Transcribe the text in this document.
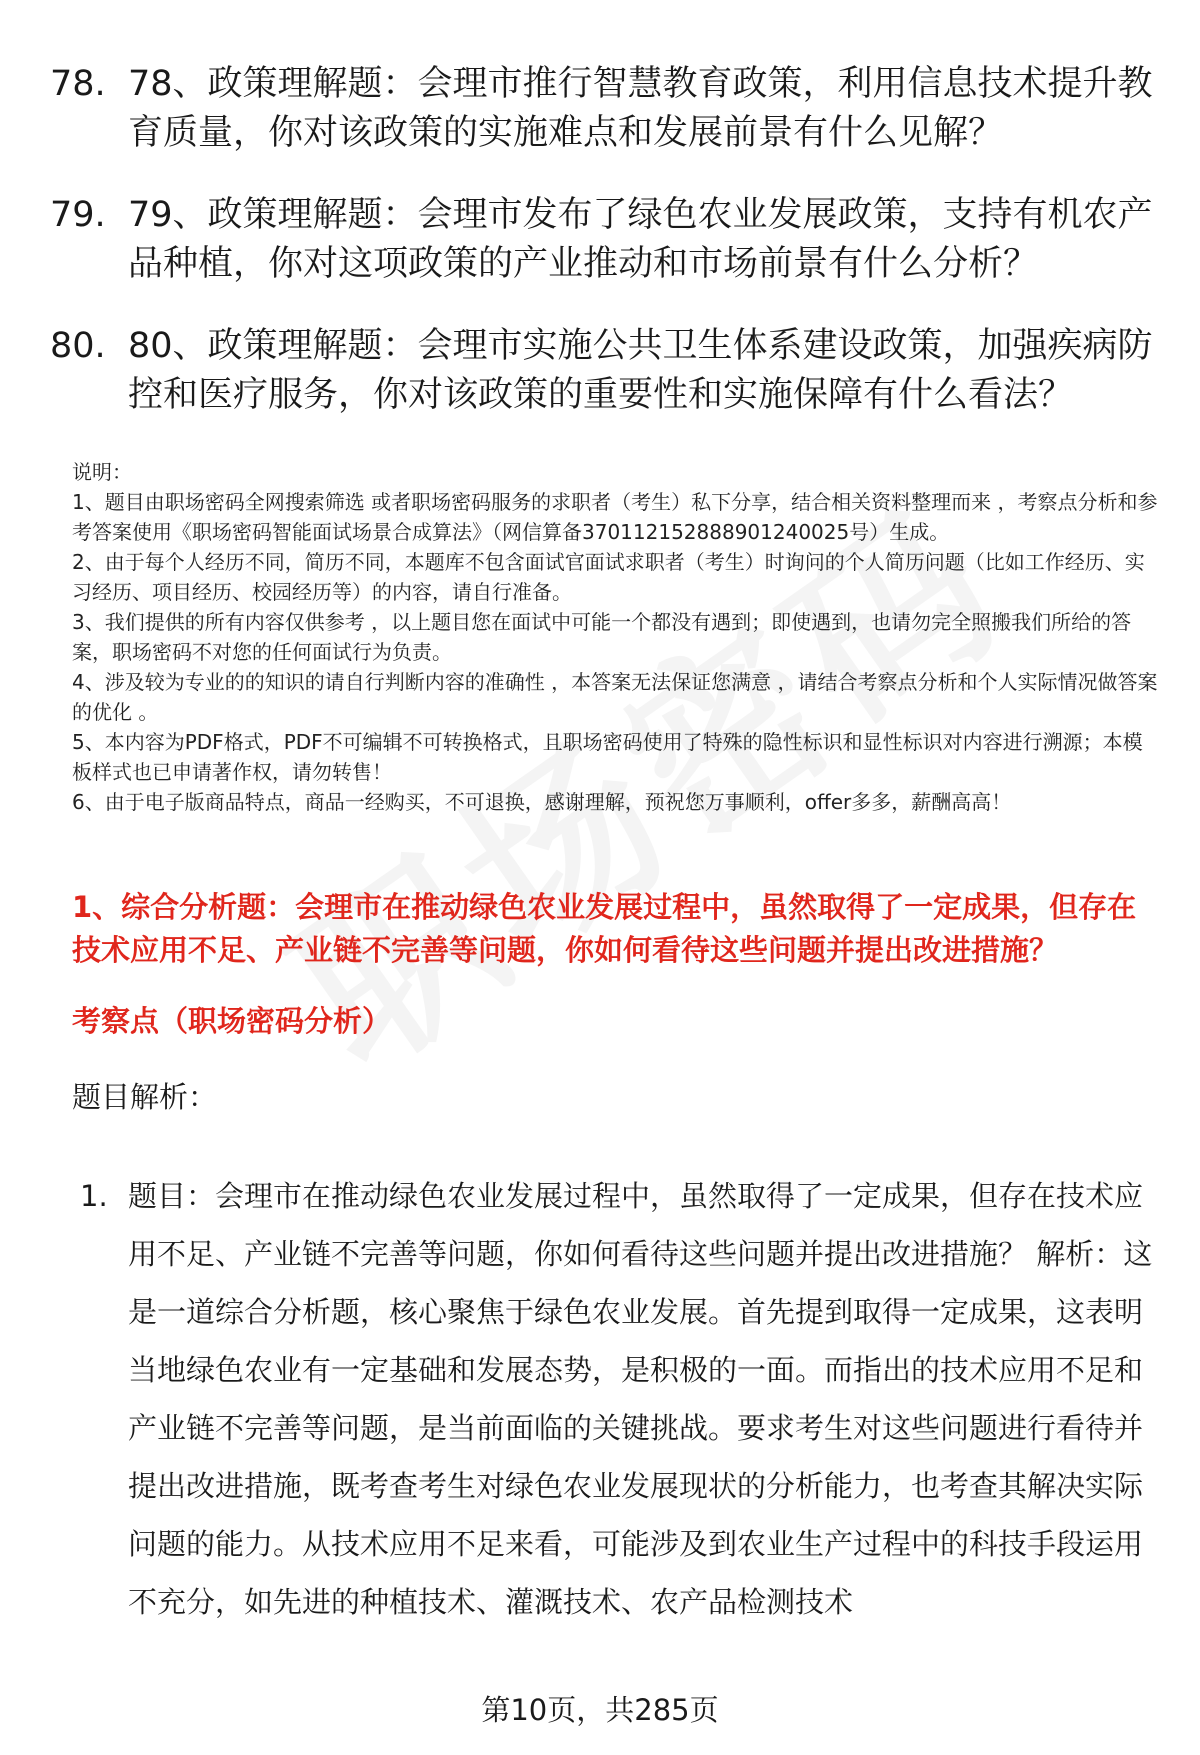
78. 78、政策理解题：会理市推行智慧教育政策，利用信息技术提升教育质量，你对该政策的实施难点和发展前景有什么见解？
79. 79、政策理解题：会理市发布了绿色农业发展政策，支持有机农产品种植，你对这项政策的产业推动和市场前景有什么分析？
80. 80、政策理解题：会理市实施公共卫生体系建设政策，加强疾病防控和医疗服务，你对该政策的重要性和实施保障有什么看法？

说明：

1、题目由职场密码全网搜索筛选 或者职场密码服务的求职者（考生）私下分享，结合相关资料整理而来 ，考察点分析和参考答案使用《职场密码智能面试场景合成算法》（网信算备370112152888901240025号）生成。

2、由于每个人经历不同，简历不同，本题库不包含面试官面试求职者（考生）时询问的个人简历问题（比如工作经历、实习经历、项目经历、校园经历等）的内容，请自行准备。

3、我们提供的所有内容仅供参考 ，以上题目您在面试中可能一个都没有遇到；即使遇到，也请勿完全照搬我们所给的答案，职场密码不对您的任何面试行为负责。

4、涉及较为专业的的知识的请自行判断内容的准确性 ，本答案无法保证您满意 ，请结合考察点分析和个人实际情况做答案的优化 。

5、本内容为PDF格式，PDF不可编辑不可转换格式，且职场密码使用了特殊的隐性标识和显性标识对内容进行溯源；本模板样式也已申请著作权，请勿转售！

6、由于电子版商品特点，商品一经购买，不可退换，感谢理解，预祝您万事顺利，offer多多，薪酬高高！

1、综合分析题：会理市在推动绿色农业发展过程中，虽然取得了一定成果，但存在技术应用不足、产业链不完善等问题，你如何看待这些问题并提出改进措施？
考察点（职场密码分析）
题目解析：
1. 题目：会理市在推动绿色农业发展过程中，虽然取得了一定成果，但存在技术应用不足、产业链不完善等问题，你如何看待这些问题并提出改进措施？ 解析：这是一道综合分析题，核心聚焦于绿色农业发展。首先提到取得一定成果，这表明当地绿色农业有一定基础和发展态势，是积极的一面。而指出的技术应用不足和产业链不完善等问题，是当前面临的关键挑战。要求考生对这些问题进行看待并提出改进措施，既考查考生对绿色农业发展现状的分析能力，也考查其解决实际问题的能力。从技术应用不足来看，可能涉及到农业生产过程中的科技手段运用不充分，如先进的种植技术、灌溉技术、农产品检测技术
第10页，共285页
